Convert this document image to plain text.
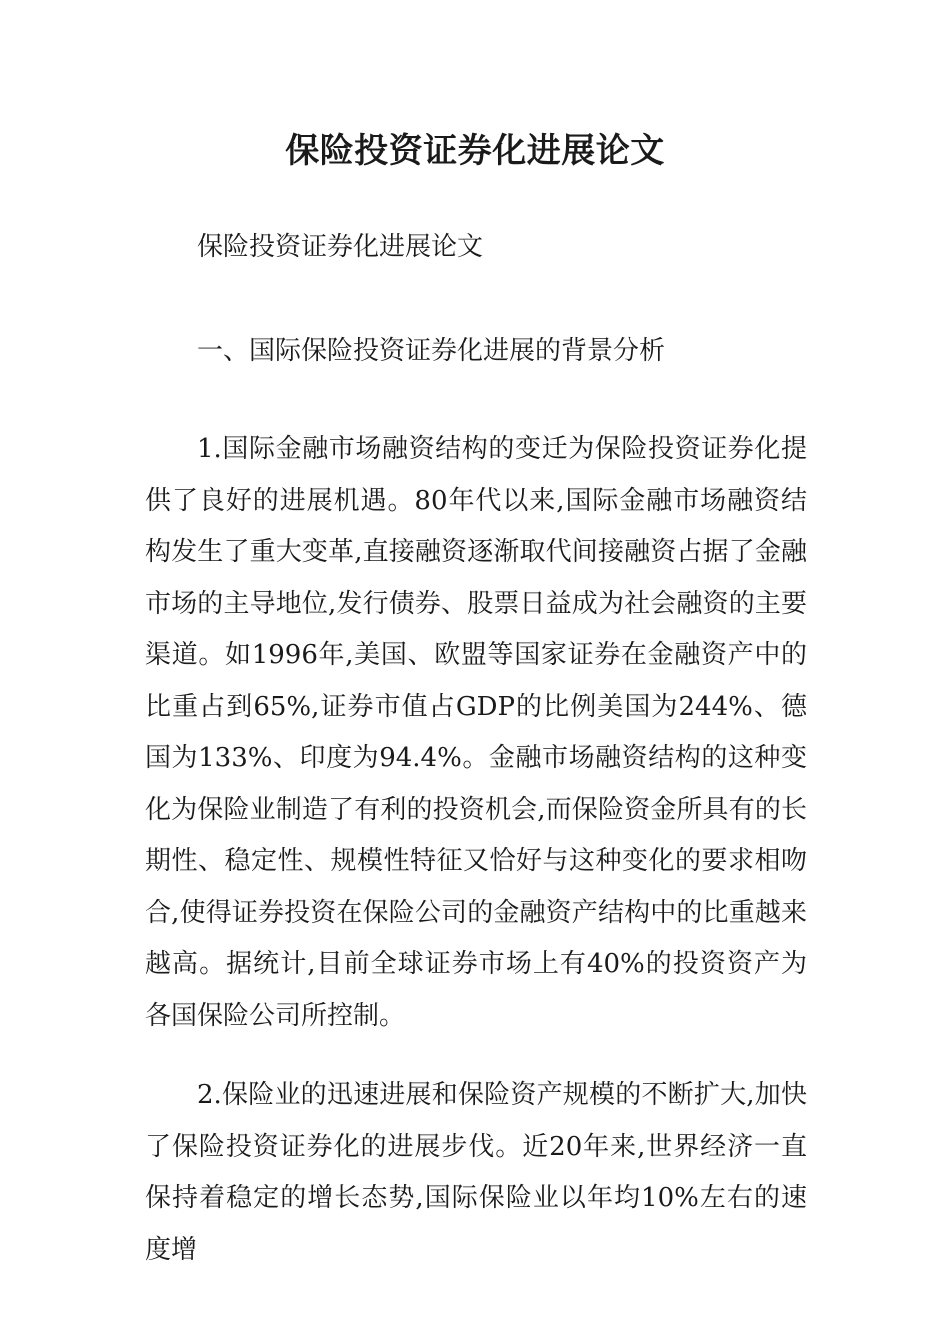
保险投资证券化进展论文

保险投资证券化进展论文

一、国际保险投资证券化进展的背景分析

1.国际金融市场融资结构的变迁为保险投资证券化提供了良好的进展机遇。80年代以来,国际金融市场融资结构发生了重大变革,直接融资逐渐取代间接融资占据了金融市场的主导地位,发行债券、股票日益成为社会融资的主要渠道。如1996年,美国、欧盟等国家证券在金融资产中的比重占到65%,证券市值占GDP的比例美国为244%、德国为133%、印度为94.4%。金融市场融资结构的这种变化为保险业制造了有利的投资机会,而保险资金所具有的长期性、稳定性、规模性特征又恰好与这种变化的要求相吻合,使得证券投资在保险公司的金融资产结构中的比重越来越高。据统计,目前全球证券市场上有40%的投资资产为各国保险公司所控制。

2.保险业的迅速进展和保险资产规模的不断扩大,加快了保险投资证券化的进展步伐。近20年来,世界经济一直保持着稳定的增长态势,国际保险业以年均10%左右的速度增
